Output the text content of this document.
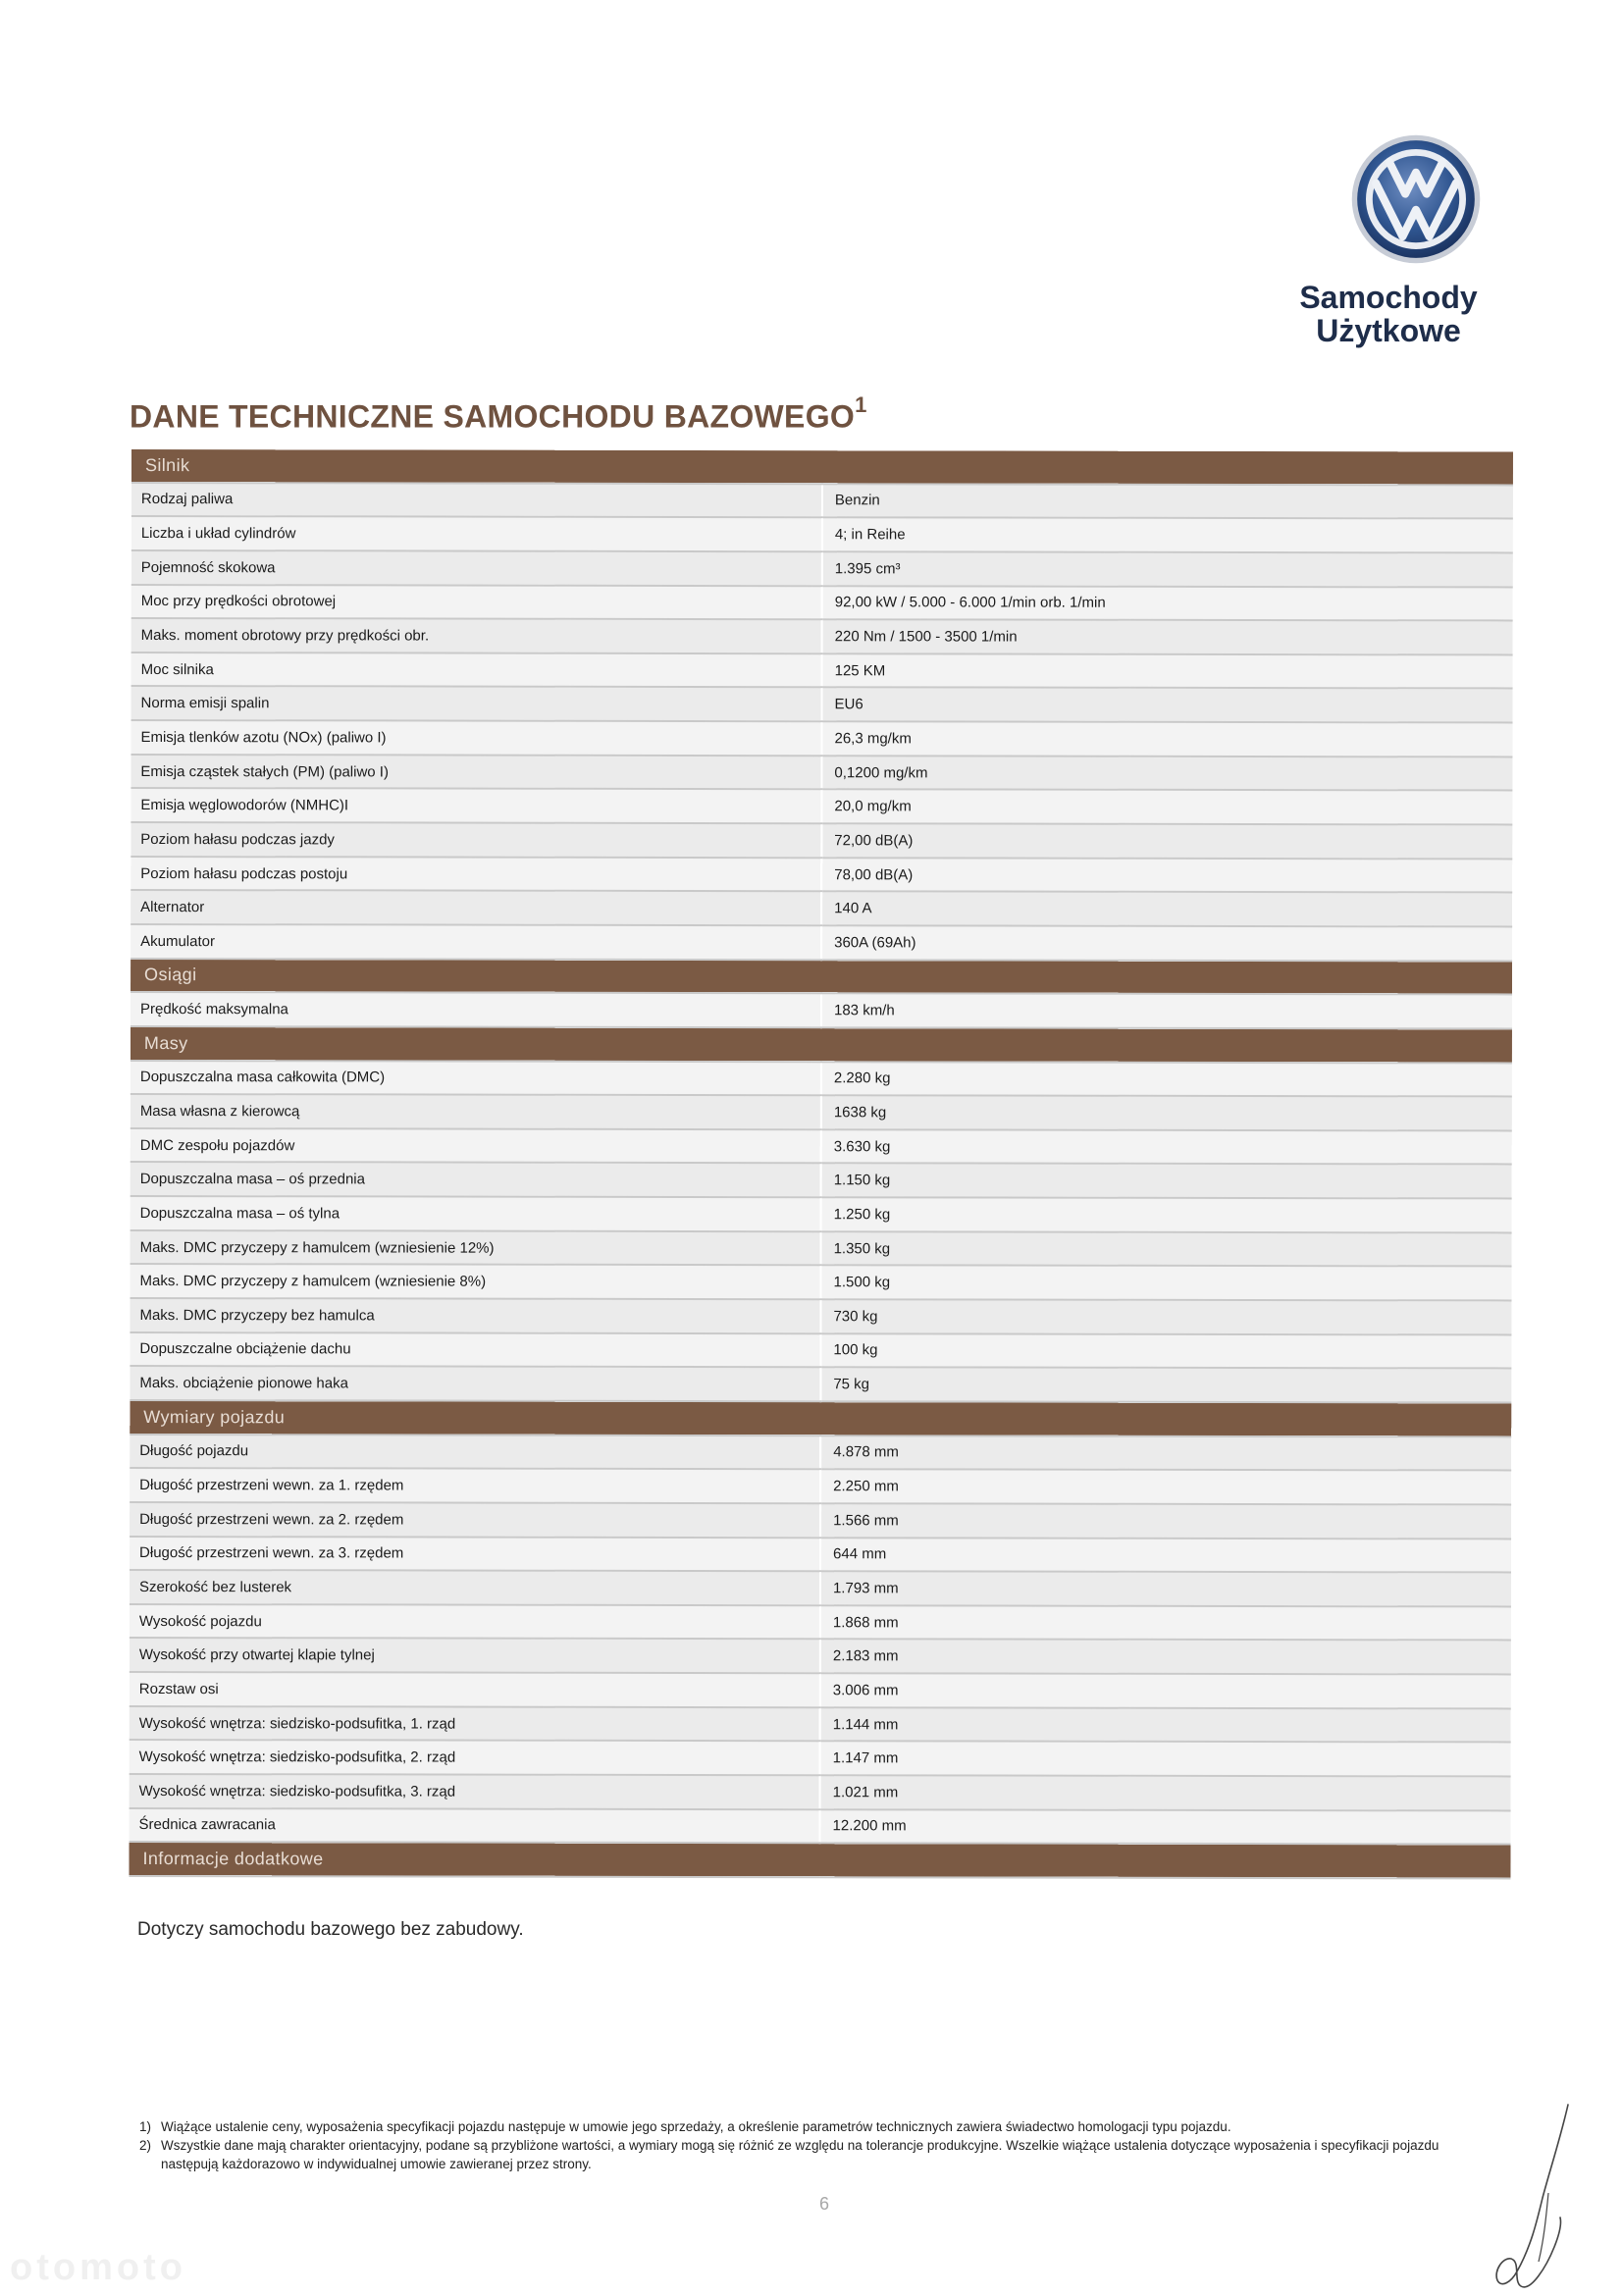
Samochody
Użytkowe
DANE TECHNICZNE SAMOCHODU BAZOWEGO$^1$
Silnik	
Rodzaj paliwa	Benzin
Liczba i układ cylindrów	4; in Reihe
Pojemność skokowa	1.395 cm³
Moc przy prędkości obrotowej	92,00 kW / 5.000 - 6.000 1/min orb. 1/min
Maks. moment obrotowy przy prędkości obr.	220 Nm / 1500 - 3500 1/min
Moc silnika	125 KM
Norma emisji spalin	EU6
Emisja tlenków azotu (NOx) (paliwo I)	26,3 mg/km
Emisja cząstek stałych (PM) (paliwo I)	0,1200 mg/km
Emisja węglowodorów (NMHC)I	20,0 mg/km
Poziom hałasu podczas jazdy	72,00 dB(A)
Poziom hałasu podczas postoju	78,00 dB(A)
Alternator	140 A
Akumulator	360A (69Ah)
Osiągi	
Prędkość maksymalna	183 km/h
Masy	
Dopuszczalna masa całkowita (DMC)	2.280 kg
Masa własna z kierowcą	1638 kg
DMC zespołu pojazdów	3.630 kg
Dopuszczalna masa – oś przednia	1.150 kg
Dopuszczalna masa – oś tylna	1.250 kg
Maks. DMC przyczepy z hamulcem (wzniesienie 12%)	1.350 kg
Maks. DMC przyczepy z hamulcem (wzniesienie 8%)	1.500 kg
Maks. DMC przyczepy bez hamulca	730 kg
Dopuszczalne obciążenie dachu	100 kg
Maks. obciążenie pionowe haka	75 kg
Wymiary pojazdu	
Długość pojazdu	4.878 mm
Długość przestrzeni wewn. za 1. rzędem	2.250 mm
Długość przestrzeni wewn. za 2. rzędem	1.566 mm
Długość przestrzeni wewn. za 3. rzędem	644 mm
Szerokość bez lusterek	1.793 mm
Wysokość pojazdu	1.868 mm
Wysokość przy otwartej klapie tylnej	2.183 mm
Rozstaw osi	3.006 mm
Wysokość wnętrza: siedzisko-podsufitka, 1. rząd	1.144 mm
Wysokość wnętrza: siedzisko-podsufitka, 2. rząd	1.147 mm
Wysokość wnętrza: siedzisko-podsufitka, 3. rząd	1.021 mm
Średnica zawracania	12.200 mm
Informacje dodatkowe	
Dotyczy samochodu bazowego bez zabudowy.
1) Wiążące ustalenie ceny, wyposażenia specyfikacji pojazdu następuje w umowie jego sprzedaży, a określenie parametrów technicznych zawiera świadectwo homologacji typu pojazdu.
2) Wszystkie dane mają charakter orientacyjny, podane są przybliżone wartości, a wymiary mogą się różnić ze względu na tolerancje produkcyjne. Wszelkie wiążące ustalenia dotyczące wyposażenia i specyfikacji pojazdu następują każdorazowo w indywidualnej umowie zawieranej przez strony.
6
otomoto
